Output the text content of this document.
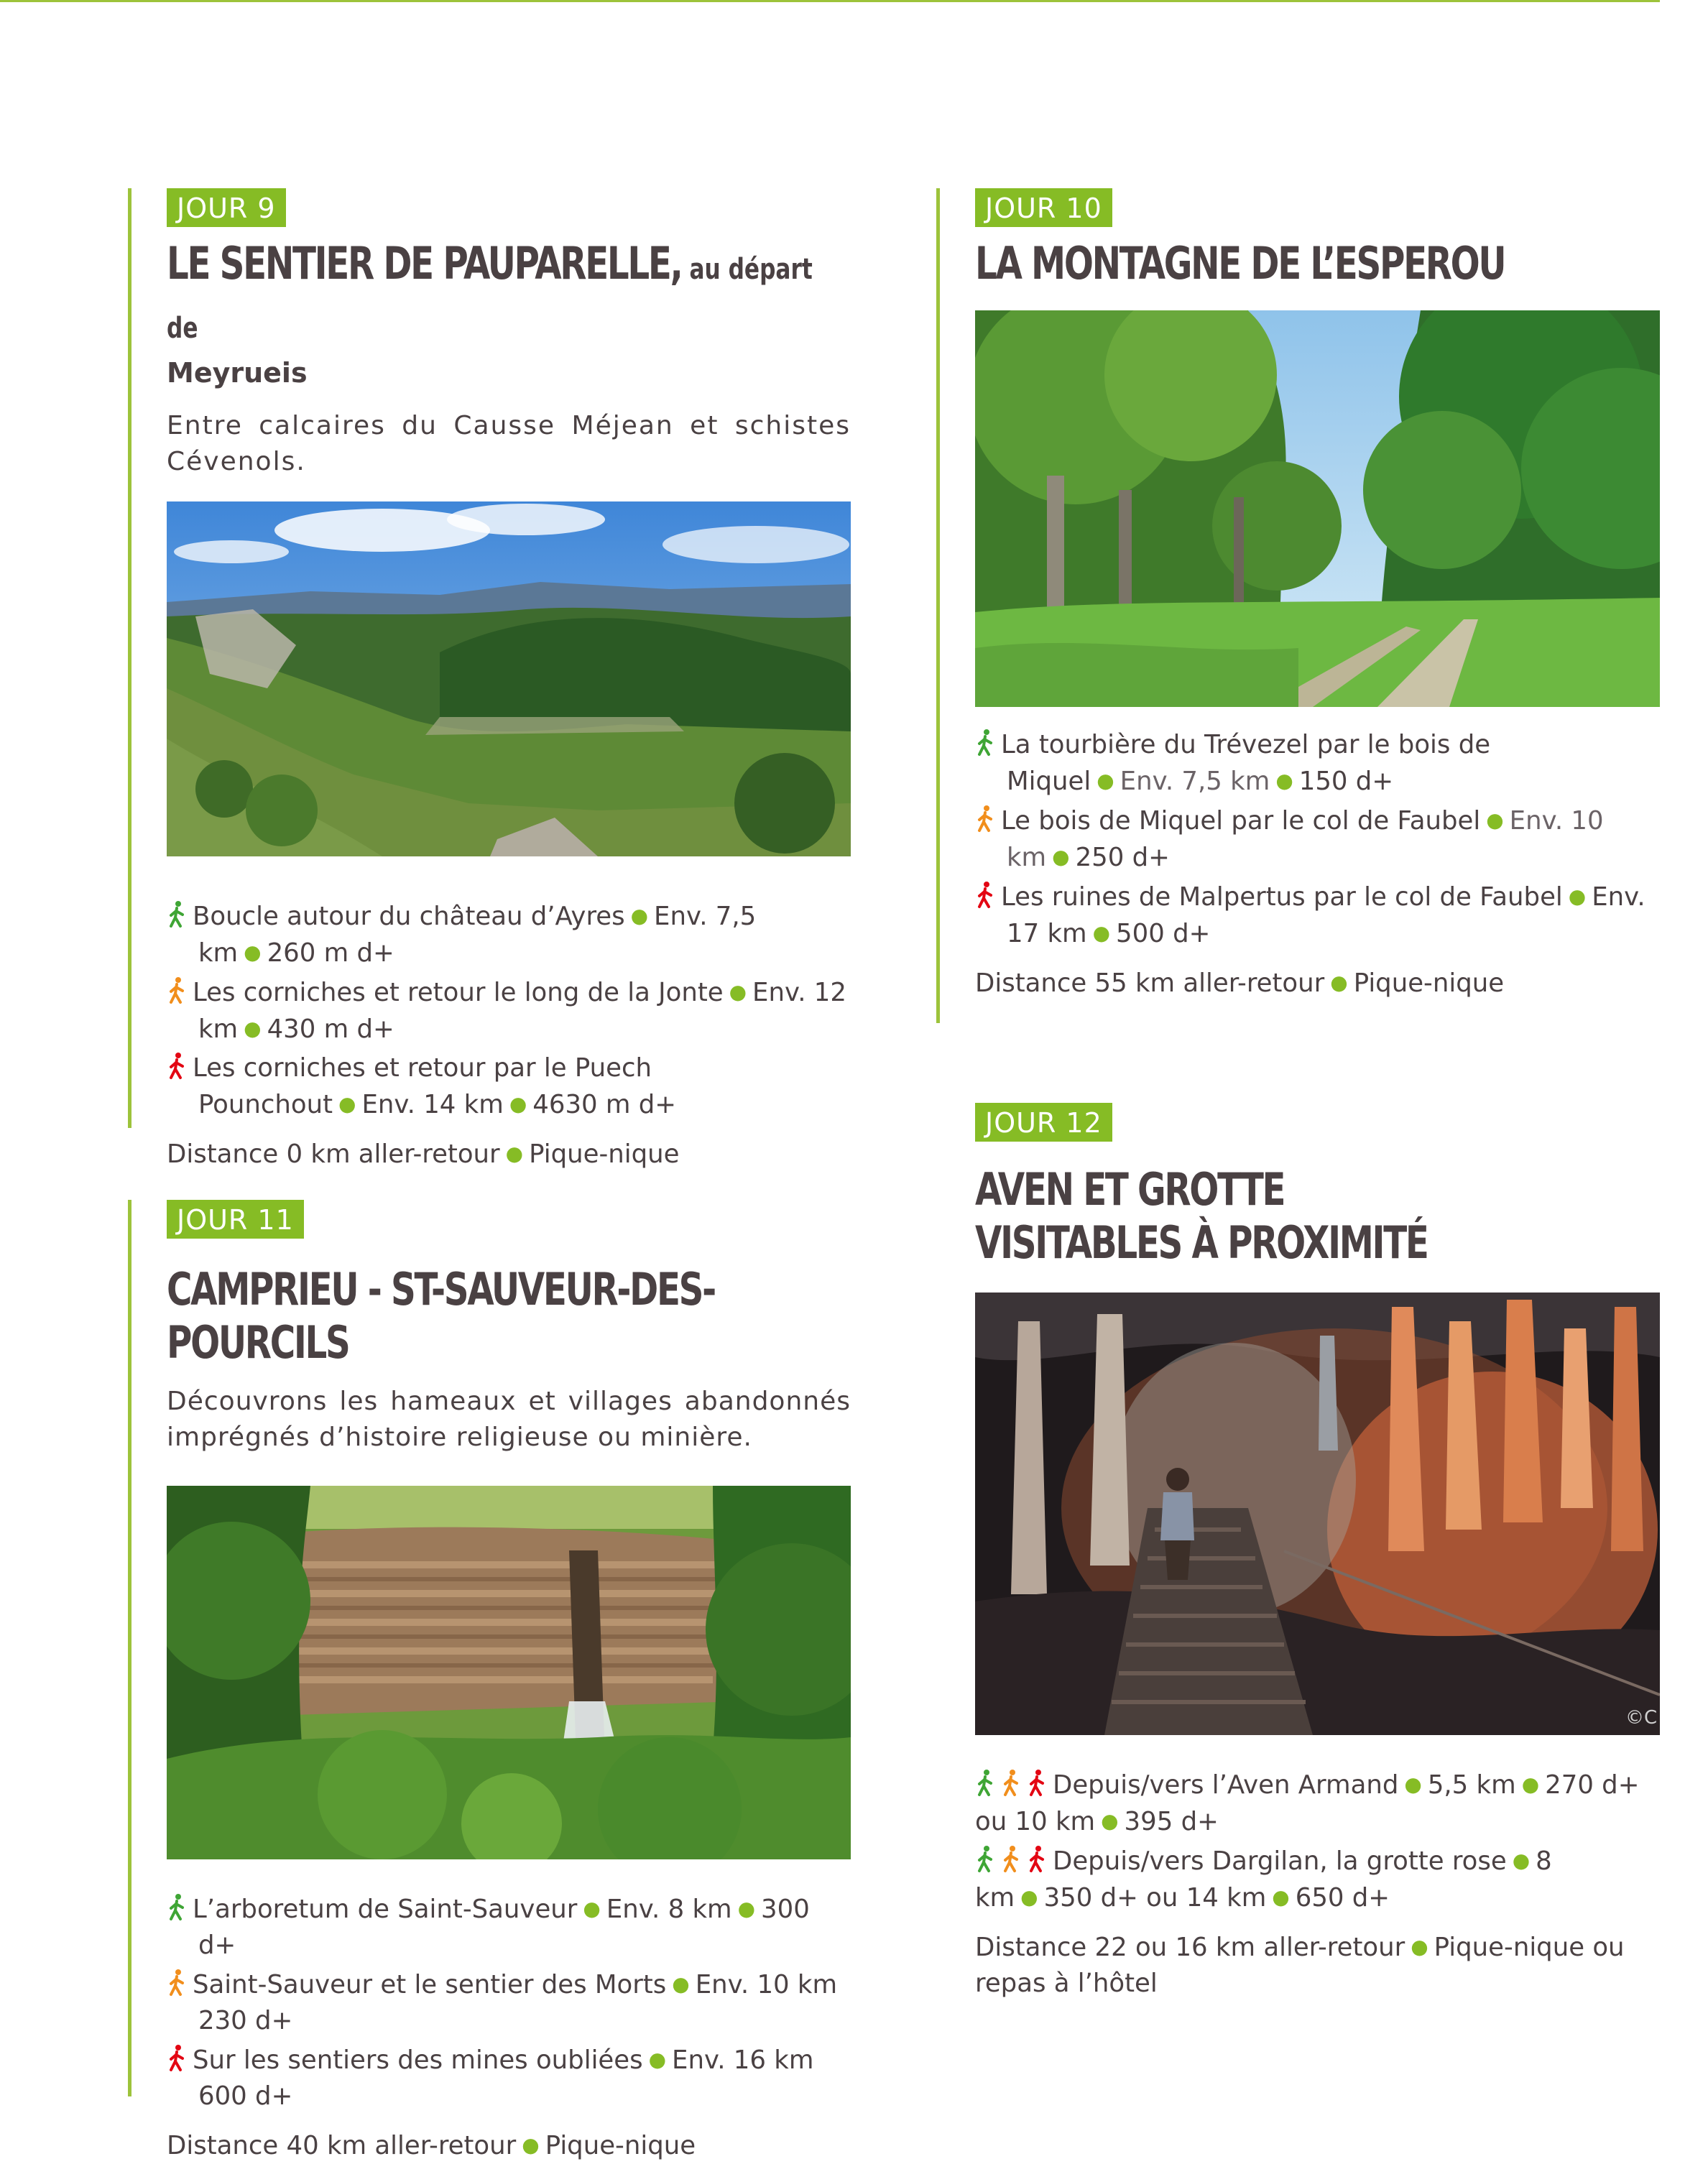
JOUR 9
LE SENTIER DE PAUPARELLE, au départ de
Meyrueis
Entre calcaires du Causse Méjean et schistes Cévenols.
Boucle autour du château d’Ayres ● Env. 7,5 km ● 260 m d+
Les corniches et retour le long de la Jonte ● Env. 12 km ● 430 m d+
Les corniches et retour par le Puech Pounchout ● Env. 14 km ● 4630 m d+
Distance 0 km aller-retour ● Pique-nique
JOUR 10
LA MONTAGNE DE L’ESPEROU
La tourbière du Trévezel par le bois de Miquel ● Env. 7,5 km ● 150 d+
Le bois de Miquel par le col de Faubel ● Env. 10 km ● 250 d+
Les ruines de Malpertus par le col de Faubel ● Env. 17 km ● 500 d+
Distance 55 km aller-retour ● Pique-nique
JOUR 11
CAMPRIEU - ST-SAUVEUR-DES-POURCILS
Découvrons les hameaux et villages abandonnés imprégnés d’histoire religieuse ou minière.
L’arboretum de Saint-Sauveur ● Env. 8 km ● 300 d+
Saint-Sauveur et le sentier des Morts ● Env. 10 km 230 d+
Sur les sentiers des mines oubliées ● Env. 16 km 600 d+
Distance 40 km aller-retour ● Pique-nique
JOUR 12
AVEN ET GROTTE VISITABLES À PROXIMITÉ
©C
Depuis/vers l’Aven Armand ● 5,5 km ● 270 d+ ou 10 km ● 395 d+
Depuis/vers Dargilan, la grotte rose ● 8 km ● 350 d+ ou 14 km ● 650 d+
Distance 22 ou 16 km aller-retour ● Pique-nique ou repas à l’hôtel
